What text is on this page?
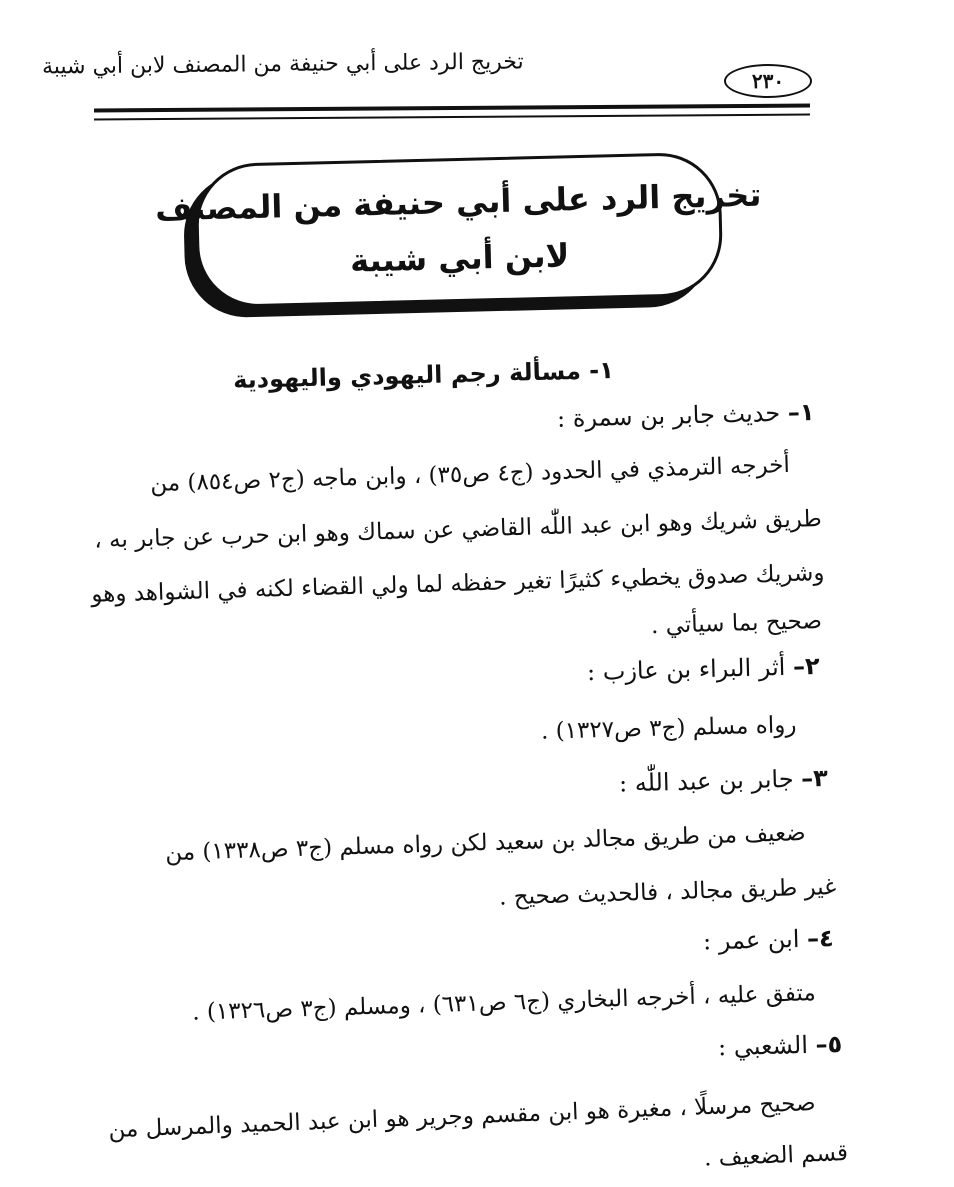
تخريج الرد على أبي حنيفة من المصنف لابن أبي شيبة
٢٣٠
تخريج الرد على أبي حنيفة من المصنف
لابن أبي شيبة
١- مسألة رجم اليهودي واليهودية
١– حديث جابر بن سمرة :
أخرجه الترمذي في الحدود (ج٤ ص٣٥) ، وابن ماجه (ج٢ ص٨٥٤) من
طريق شريك وهو ابن عبد اللّٰه القاضي عن سماك وهو ابن حرب عن جابر به ،
وشريك صدوق يخطيء كثيرًا تغير حفظه لما ولي القضاء لكنه في الشواهد وهو
صحيح بما سيأتي .
٢– أثر البراء بن عازب :
رواه مسلم (ج٣ ص١٣٢٧) .
٣– جابر بن عبد اللّٰه :
ضعيف من طريق مجالد بن سعيد لكن رواه مسلم (ج٣ ص١٣٣٨) من
غير طريق مجالد ، فالحديث صحيح .
٤– ابن عمر :
متفق عليه ، أخرجه البخاري (ج٦ ص٦٣١) ، ومسلم (ج٣ ص١٣٢٦) .
٥– الشعبي :
صحيح مرسلًا ، مغيرة هو ابن مقسم وجرير هو ابن عبد الحميد والمرسل من
قسم الضعيف .
